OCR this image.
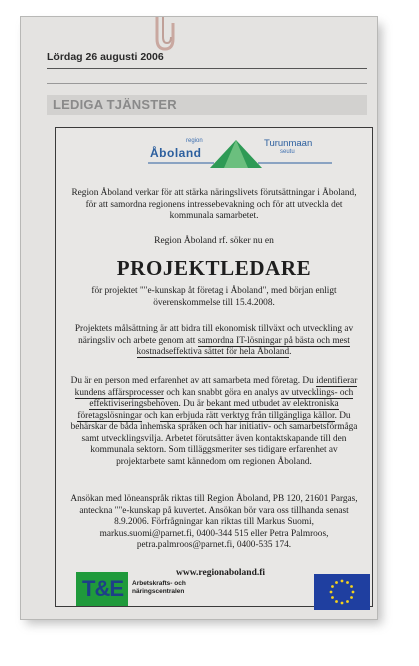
Lördag 26 augusti 2006
LEDIGA TJÄNSTER
region
Åboland
Turunmaan
seutu
Region Åboland verkar för att stärka näringslivets förutsättningar i Åboland, för att samordna regionens intressebevakning och för att utveckla det kommunala samarbetet.
Region Åboland rf. söker nu en
PROJEKTLEDARE
för projektet ""e-kunskap åt företag i Åboland", med början enligt överenskommelse till 15.4.2008.
Projektets målsättning är att bidra till ekonomisk tillväxt och utveckling av näringsliv och arbete genom att samordna IT-lösningar på bästa och mest kostnadseffektiva sättet för hela Åboland.
Du är en person med erfarenhet av att samarbeta med företag. Du identifierar kundens affärsprocesser och kan snabbt göra en analys av utvecklings- och effektiviseringsbehoven. Du är bekant med utbudet av elektroniska företagslösningar och kan erbjuda rätt verktyg från tillgängliga källor. Du behärskar de båda inhemska språken och har initiativ- och samarbetsförmåga samt utvecklingsvilja. Arbetet förutsätter även kontaktskapande till den kommunala sektorn. Som tilläggsmeriter ses tidigare erfarenhet av projektarbete samt kännedom om regionen Åboland.
Ansökan med löneanspråk riktas till Region Åboland, PB 120, 21601 Pargas, anteckna ""e-kunskap på kuvertet. Ansökan bör vara oss tillhanda senast 8.9.2006. Förfrågningar kan riktas till Markus Suomi, markus.suomi@parnet.fi, 0400-344 515 eller Petra Palmroos, petra.palmroos@parnet.fi, 0400-535 174.
www.regionaboland.fi
T&E Arbetskrafts- och
näringscentralen
